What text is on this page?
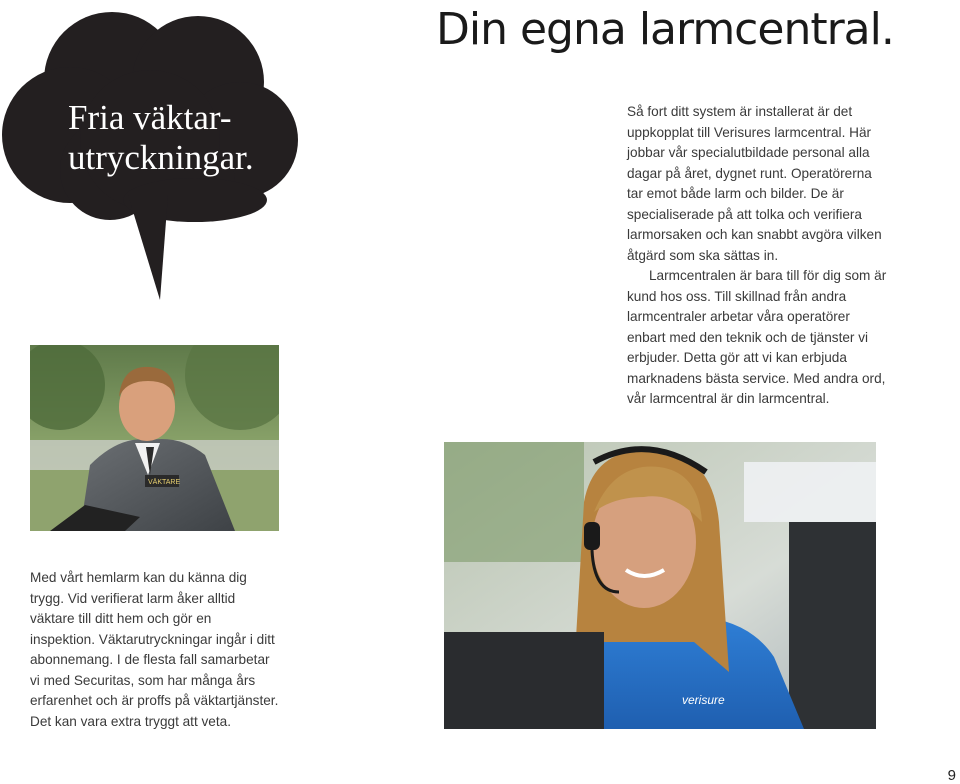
Fria väktar-
utryckningar.
Din egna larmcentral.

Så fort ditt system är installerat är det uppkopplat till Verisures larmcentral. Här jobbar vår specialutbildade personal alla dagar på året, dygnet runt. Operatörerna tar emot både larm och bilder. De är specialiserade på att tolka och verifiera larmorsaken och kan snabbt avgöra vilken åtgärd som ska sättas in.

Larmcentralen är bara till för dig som är kund hos oss. Till skillnad från andra larmcentraler arbetar våra operatörer enbart med den teknik och de tjänster vi erbjuder. Detta gör att vi kan erbjuda marknadens bästa service. Med andra ord, vår larmcentral är din larmcentral.

VÄKTARE

Med vårt hemlarm kan du känna dig trygg. Vid verifierat larm åker alltid väktare till ditt hem och gör en inspektion. Väktarutryckningar ingår i ditt abonnemang. I de flesta fall samarbetar vi med Securitas, som har många års erfarenhet och är proffs på väktartjänster. Det kan vara extra tryggt att veta.

verisure
9
